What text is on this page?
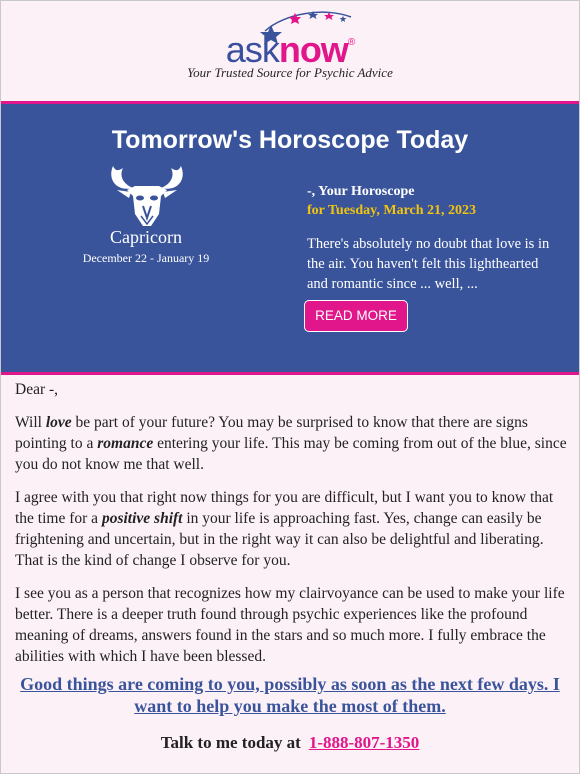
asknow®
Your Trusted Source for Psychic Advice
Tomorrow's Horoscope Today
Capricorn
December 22 - January 19
-, Your Horoscope
for Tuesday, March 21, 2023
There's absolutely no doubt that love is in the air. You haven't felt this lighthearted and romantic since ... well, ...
READ MORE

Dear -,

Will love be part of your future? You may be surprised to know that there are signs pointing to a romance entering your life. This may be coming from out of the blue, since you do not know me that well.

I agree with you that right now things for you are difficult, but I want you to know that the time for a positive shift in your life is approaching fast. Yes, change can easily be frightening and uncertain, but in the right way it can also be delightful and liberating. That is the kind of change I observe for you.

I see you as a person that recognizes how my clairvoyance can be used to make your life better. There is a deeper truth found through psychic experiences like the profound meaning of dreams, answers found in the stars and so much more. I fully embrace the abilities with which I have been blessed.

Good things are coming to you, possibly as soon as the next few days. I want to help you make the most of them.
Talk to me today at 1-888-807-1350
